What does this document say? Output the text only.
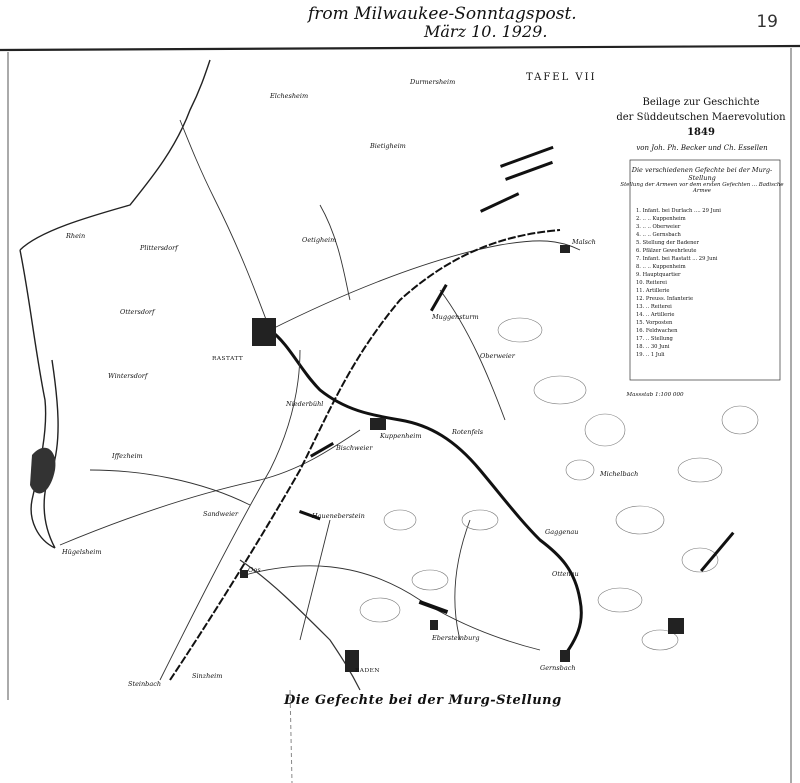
from Milwaukee-Sonntagspost.
März 10. 1929.	19
TAFEL VII
Beilage zur Geschichte
der Süddeutschen Maerevolution
1849
von Joh. Ph. Becker und Ch. Essellen
Die verschiedenen Gefechte bei der Murg-Stellung
Stellung der Armeen vor dem ersten Gefechten ... Badische Armee
1. Infant. bei Durlach .... 29 Juni
2. .. .. Kuppenheim
3. .. .. Oberweier
4. .. .. Gernsbach
5. Stellung der Badener
6. Pfälzer Gewehrleute
7. Infant. bei Rastatt ... 29 Juni
8. .. .. Kuppenheim
9. Hauptquartier
10. Reiterei
11. Artillerie
12. Preuss. Infanterie
13. .. Reiterei
14. .. Artillerie
15. Vorposten
16. Feldwachen
17. .. Stellung
18. .. 30 Juni
19. .. 1 Juli
Massstab 1:100 000
RASTATT
BADEN
Kuppenheim
Malsch
Ottersdorf
Wintersdorf
Plittersdorf
Iffezheim
Sandweier	Haueneberstein
Niederbühl
Muggensturm
Bietigheim
Oberweier
Rotenfels
Gaggenau
Michelbach
Ottenau
Gernsbach
Sinzheim
Oos
Ebersteinburg
Hügelsheim
Steinbach
Bischweier
Oetigheim
Rhein
Durmersheim
Elchesheim
Die Gefechte bei der Murg-Stellung
